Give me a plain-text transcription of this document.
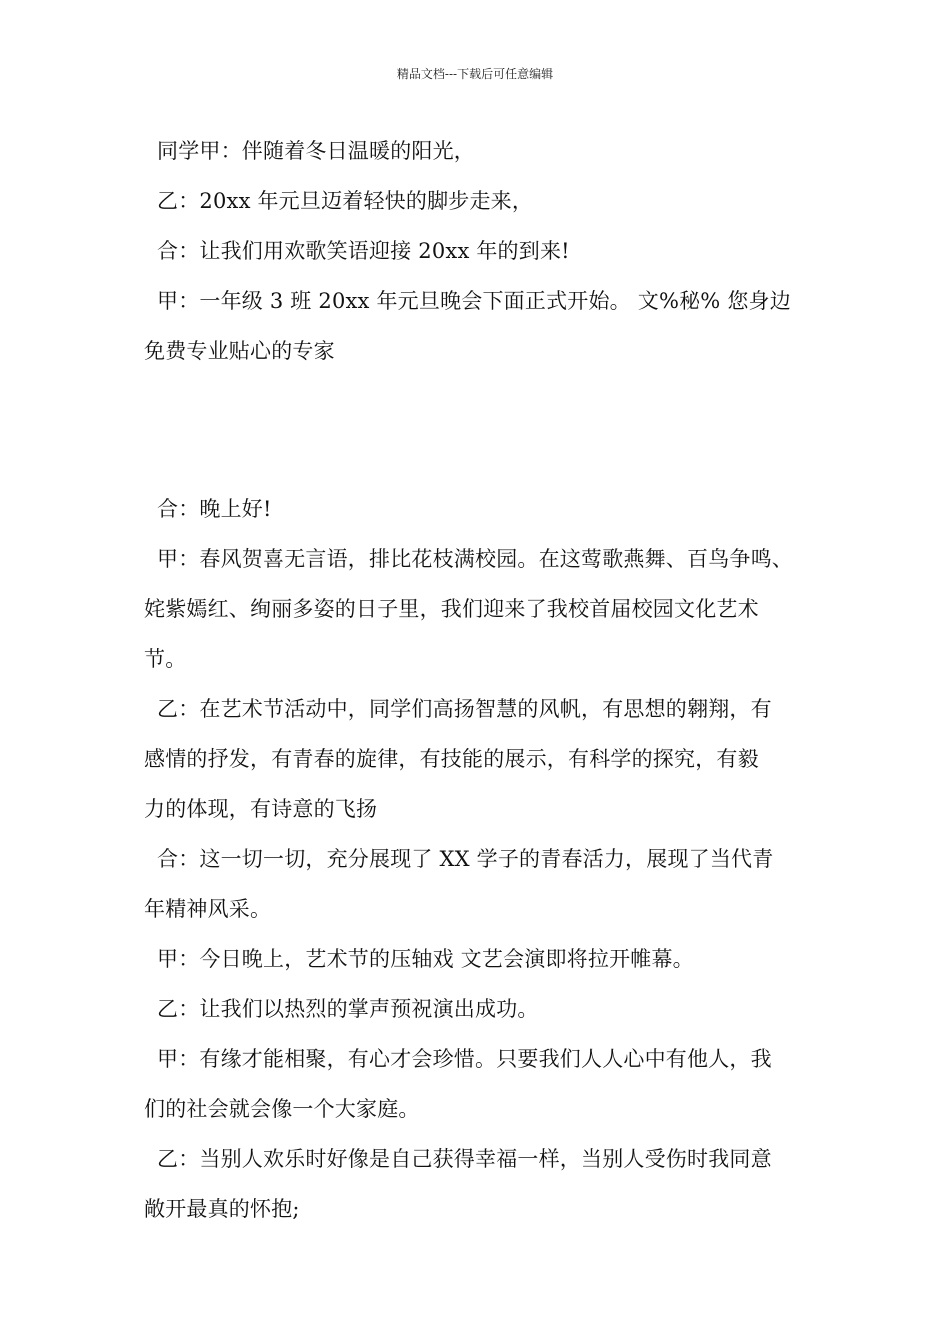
精品文档---下载后可任意编辑

同学甲：伴随着冬日温暖的阳光，

乙：20xx 年元旦迈着轻快的脚步走来，

合：让我们用欢歌笑语迎接 20xx 年的到来!

甲：一年级 3 班 20xx 年元旦晚会下面正式开始。 文%秘% 您身边
免费专业贴心的专家

合：晚上好!

甲：春风贺喜无言语，排比花枝满校园。在这莺歌燕舞、百鸟争鸣、
姹紫嫣红、绚丽多姿的日子里，我们迎来了我校首届校园文化艺术
节。

乙：在艺术节活动中，同学们高扬智慧的风帆，有思想的翱翔，有
感情的抒发，有青春的旋律，有技能的展示，有科学的探究，有毅
力的体现，有诗意的飞扬

合：这一切一切，充分展现了 XX 学子的青春活力，展现了当代青
年精神风采。

甲：今日晚上，艺术节的压轴戏 文艺会演即将拉开帷幕。

乙：让我们以热烈的掌声预祝演出成功。

甲：有缘才能相聚，有心才会珍惜。只要我们人人心中有他人，我
们的社会就会像一个大家庭。

乙：当别人欢乐时好像是自己获得幸福一样，当别人受伤时我同意
敞开最真的怀抱;
